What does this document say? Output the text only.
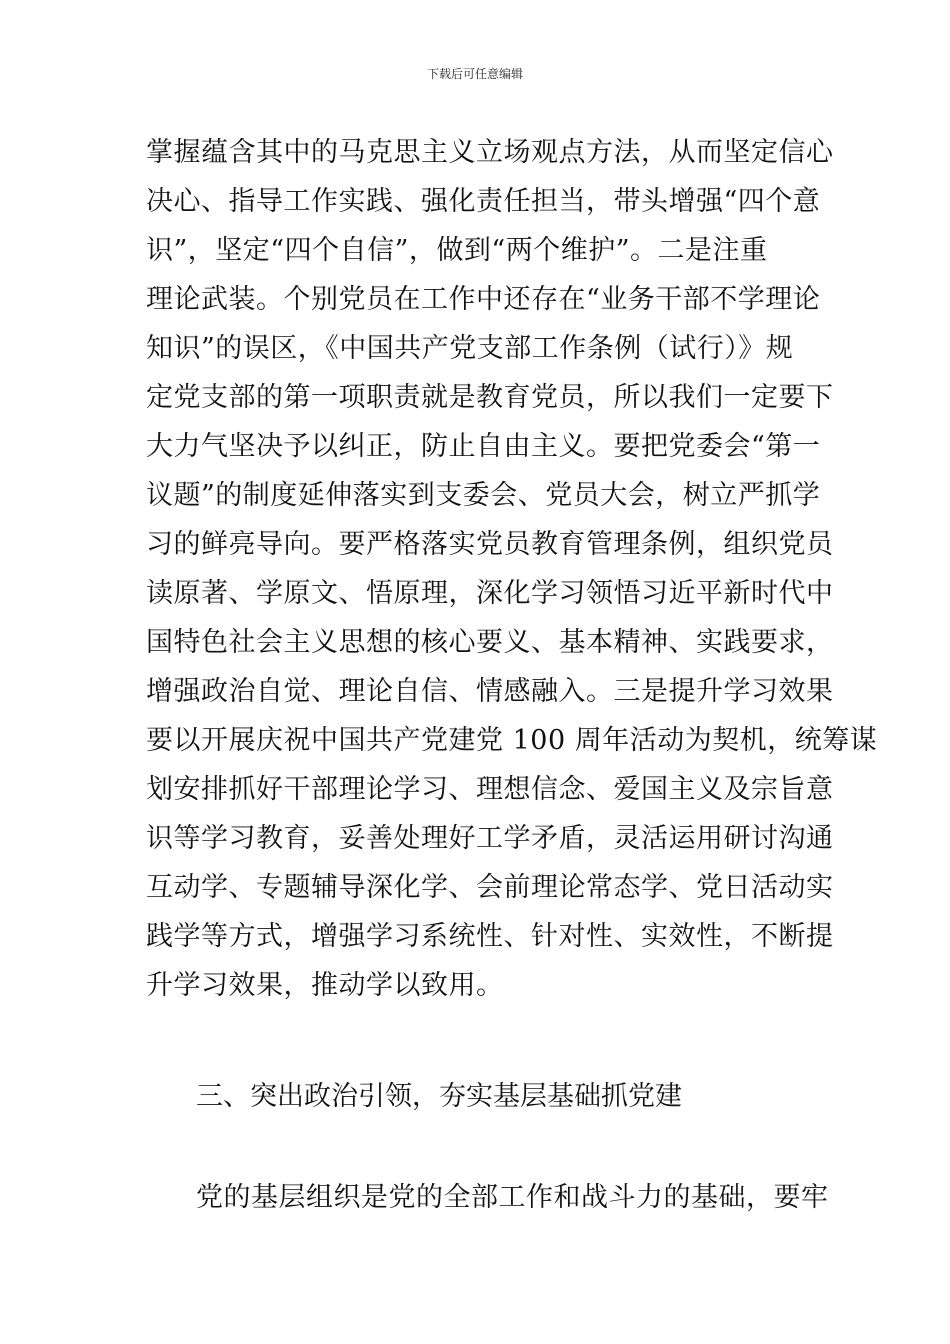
下载后可任意编辑
掌握蕴含其中的马克思主义立场观点方法，从而坚定信心
决心、指导工作实践、强化责任担当，带头增强“四个意
识”，坚定“四个自信”，做到“两个维护”。二是注重
理论武装。个别党员在工作中还存在“业务干部不学理论
知识”的误区，《中国共产党支部工作条例（试行）》规
定党支部的第一项职责就是教育党员，所以我们一定要下
大力气坚决予以纠正，防止自由主义。要把党委会“第一
议题”的制度延伸落实到支委会、党员大会，树立严抓学
习的鲜亮导向。要严格落实党员教育管理条例，组织党员
读原著、学原文、悟原理，深化学习领悟习近平新时代中
国特色社会主义思想的核心要义、基本精神、实践要求，
增强政治自觉、理论自信、情感融入。三是提升学习效果
要以开展庆祝中国共产党建党 100 周年活动为契机，统筹谋
划安排抓好干部理论学习、理想信念、爱国主义及宗旨意
识等学习教育，妥善处理好工学矛盾，灵活运用研讨沟通
互动学、专题辅导深化学、会前理论常态学、党日活动实
践学等方式，增强学习系统性、针对性、实效性，不断提
升学习效果，推动学以致用。
三、突出政治引领，夯实基层基础抓党建
党的基层组织是党的全部工作和战斗力的基础，要牢
